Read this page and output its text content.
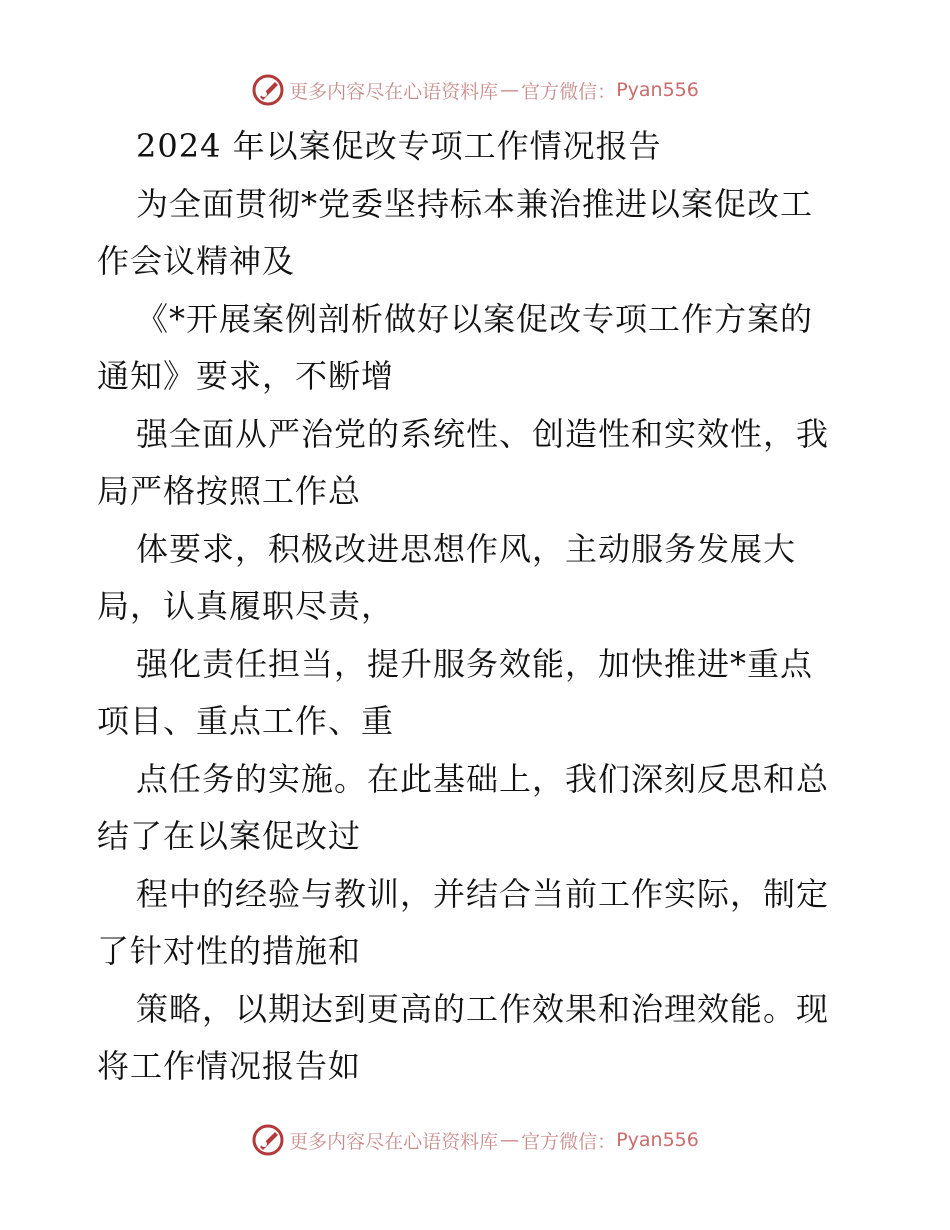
更多内容尽在心语资料库 — 官方微信： Pyan556
2024 年以案促改专项工作情况报告
为全面贯彻*党委坚持标本兼治推进以案促改工
作会议精神及
《*开展案例剖析做好以案促改专项工作方案的
通知》要求，不断增
强全面从严治党的系统性、创造性和实效性，我
局严格按照工作总
体要求，积极改进思想作风，主动服务发展大
局，认真履职尽责，
强化责任担当，提升服务效能，加快推进*重点
项目、重点工作、重
点任务的实施。在此基础上，我们深刻反思和总
结了在以案促改过
程中的经验与教训，并结合当前工作实际，制定
了针对性的措施和
策略，以期达到更高的工作效果和治理效能。现
将工作情况报告如
更多内容尽在心语资料库 — 官方微信： Pyan556
